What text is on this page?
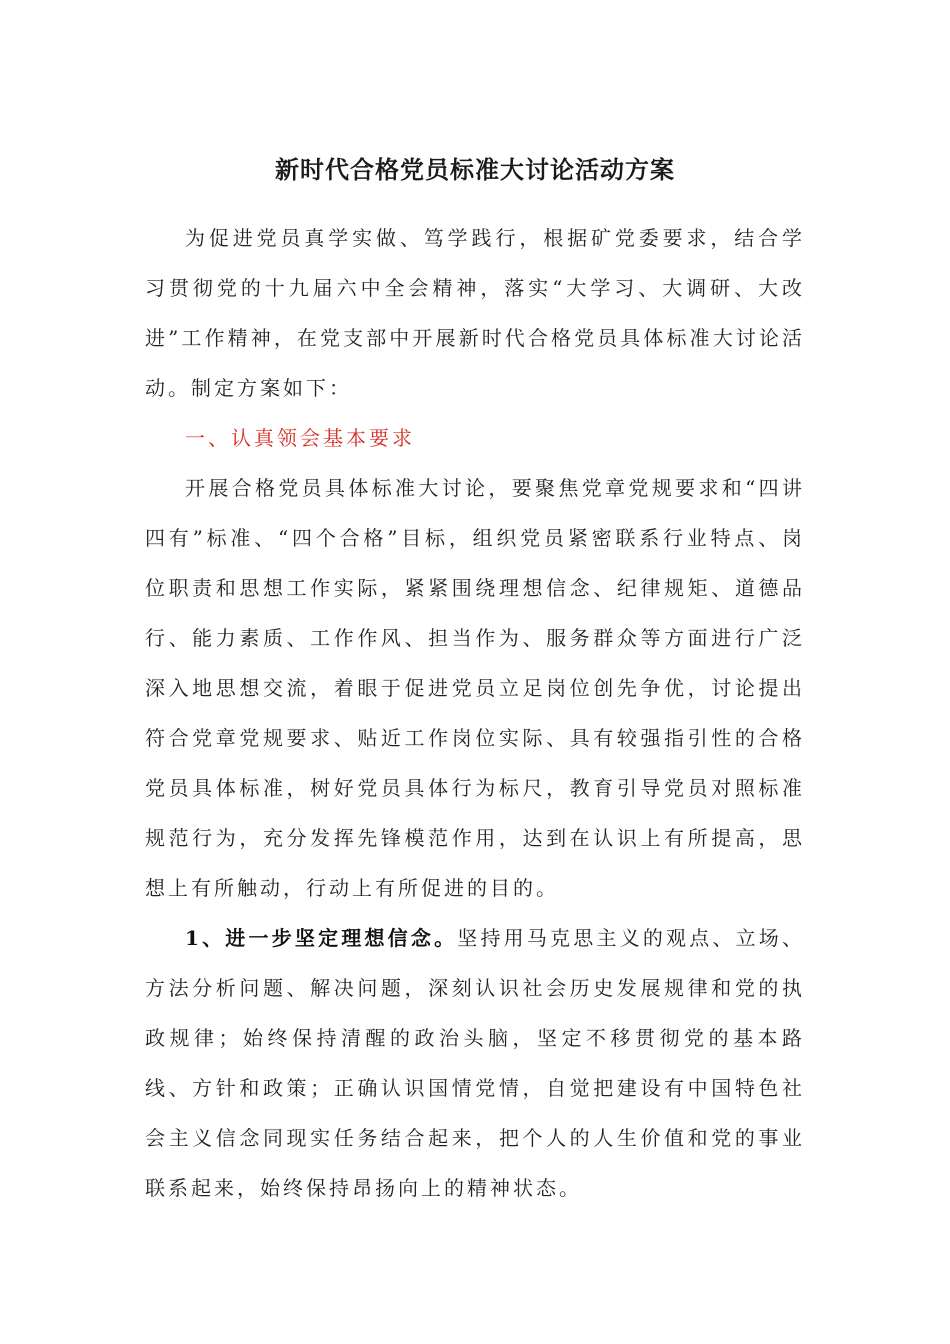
新时代合格党员标准大讨论活动方案

为促进党员真学实做、笃学践行，根据矿党委要求，结合学习贯彻党的十九届六中全会精神，落实“大学习、大调研、大改进”工作精神，在党支部中开展新时代合格党员具体标准大讨论活动。制定方案如下：

一、认真领会基本要求

开展合格党员具体标准大讨论，要聚焦党章党规要求和“四讲四有”标准、“四个合格”目标，组织党员紧密联系行业特点、岗位职责和思想工作实际，紧紧围绕理想信念、纪律规矩、道德品行、能力素质、工作作风、担当作为、服务群众等方面进行广泛深入地思想交流，着眼于促进党员立足岗位创先争优，讨论提出符合党章党规要求、贴近工作岗位实际、具有较强指引性的合格党员具体标准，树好党员具体行为标尺，教育引导党员对照标准规范行为，充分发挥先锋模范作用，达到在认识上有所提高，思想上有所触动，行动上有所促进的目的。

1、进一步坚定理想信念。坚持用马克思主义的观点、立场、方法分析问题、解决问题，深刻认识社会历史发展规律和党的执政规律；始终保持清醒的政治头脑，坚定不移贯彻党的基本路线、方针和政策；正确认识国情党情，自觉把建设有中国特色社会主义信念同现实任务结合起来，把个人的人生价值和党的事业联系起来，始终保持昂扬向上的精神状态。
